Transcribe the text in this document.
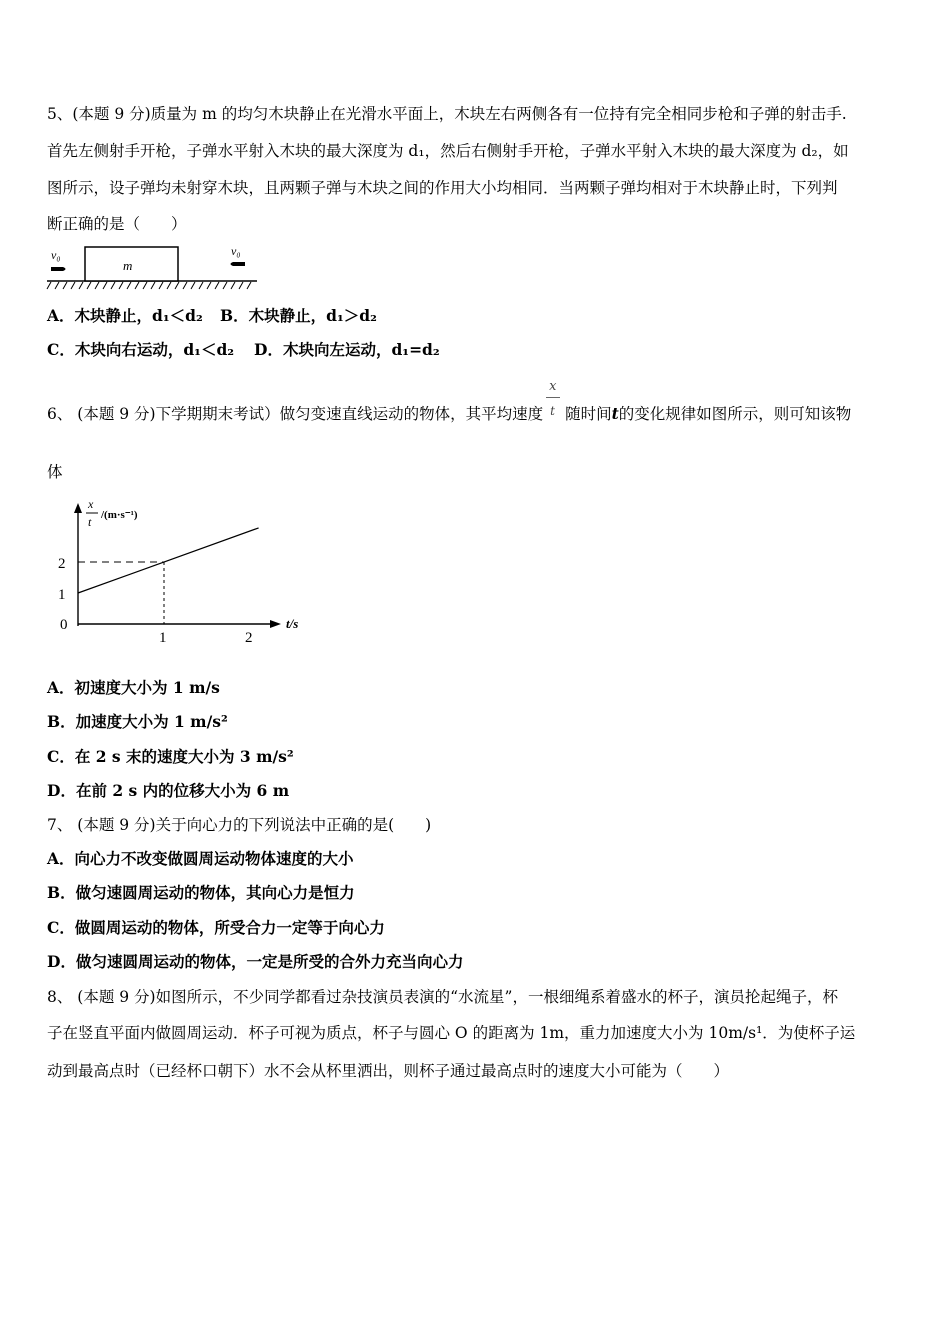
5、(本题 9 分)质量为 m 的均匀木块静止在光滑水平面上，木块左右两侧各有一位持有完全相同步枪和子弹的射击手.
首先左侧射手开枪，子弹水平射入木块的最大深度为 d₁，然后右侧射手开枪，子弹水平射入木块的最大深度为 d₂，如
图所示，设子弹均未射穿木块，且两颗子弹与木块之间的作用大小均相同．当两颗子弹均相对于木块静止时，下列判
断正确的是（　　）
m
v₀	v₀
A．木块静止，d₁＜d₂ B．木块静止，d₁＞d₂
C．木块向右运动，d₁＜d₂ D．木块向左运动，d₁=d₂
6、 (本题 9 分)下学期期末考试）做匀变速直线运动的物体，其平均速度 $\frac{x}{t}$ 随时间t的变化规律如图所示，则可知该物
体
x
t /(m·s⁻¹)
t/s
0
1	2
1
2
A．初速度大小为 1 m/s
B．加速度大小为 1 m/s²
C．在 2 s 末的速度大小为 3 m/s²
D．在前 2 s 内的位移大小为 6 m
7、 (本题 9 分)关于向心力的下列说法中正确的是(　　)
A．向心力不改变做圆周运动物体速度的大小
B．做匀速圆周运动的物体，其向心力是恒力
C．做圆周运动的物体，所受合力一定等于向心力
D．做匀速圆周运动的物体，一定是所受的合外力充当向心力
8、 (本题 9 分)如图所示，不少同学都看过杂技演员表演的“水流星”，一根细绳系着盛水的杯子，演员抡起绳子，杯
子在竖直平面内做圆周运动．杯子可视为质点，杯子与圆心 O 的距离为 1m，重力加速度大小为 10m/s¹．为使杯子运
动到最高点时（已经杯口朝下）水不会从杯里洒出，则杯子通过最高点时的速度大小可能为（　　）
